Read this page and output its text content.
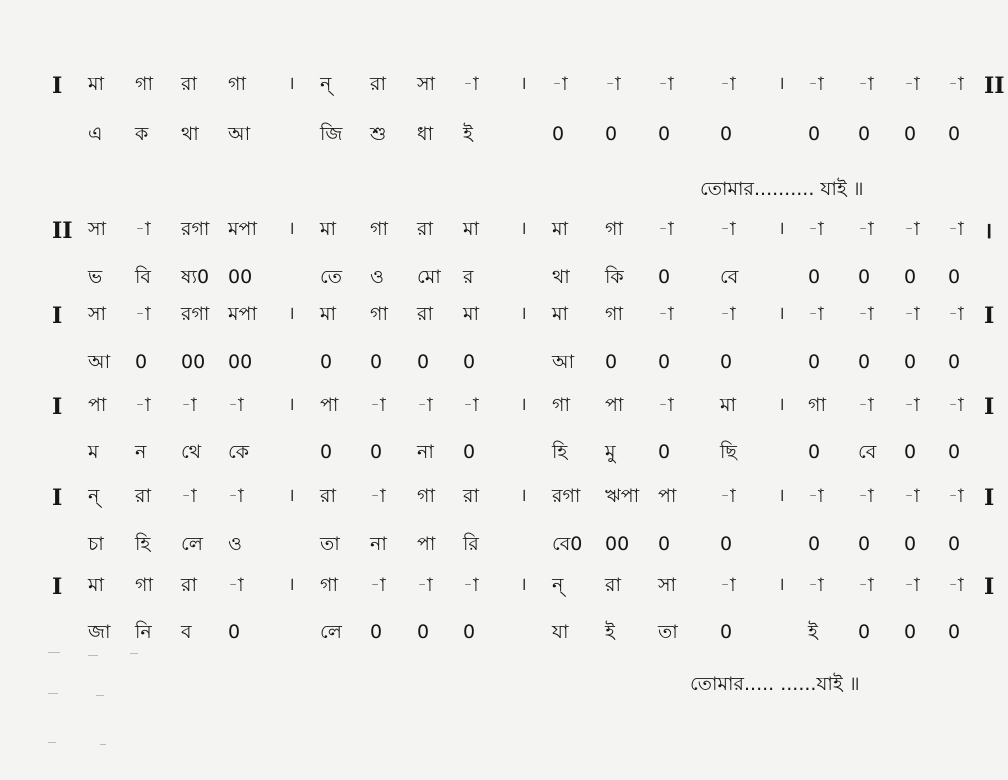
I মা গা রা গা । ন্ রা সা -া । -া -া -া -া । -া -া -া -া II
এ ক থা আ	জি শু ধা ই	0 0 0	0	0 0 0 0
তোমার.......... যাই ॥
II সা -া রগা মপা । মা গা রা মা । মা গা -া -া । -া -া -া -া ।
ভ বি ষ্য0 00	তে ও মো র	থা কি 0	বে	0 0 0 0
I সা -া রগা মপা । মা গা রা মা । মা গা -া -া । -া -া -া -া I
আ 0 00 00	0 0 0 0	আ 0 0	0	0 0 0 0
I পা -া -া -া । পা -া -া -া । গা পা -া মা । গা -া -া -া I
ম ন থে কে	0 0 না 0	হি মু 0	ছি	0 বে 0 0
I ন্ রা -া -া । রা -া গা রা । রগা ঋপা পা -া । -া -া -া -া I
চা হি লে ও	তা না পা রি	বে0 00 0	0	0 0 0 0
I মা গা রা -া । গা -া -া -া । ন্ রা সা -া । -া -া -া -া I
জা নি ব 0	লে 0 0 0	যা ই তা 0	ই 0 0 0
তোমার..... ......যাই ॥
